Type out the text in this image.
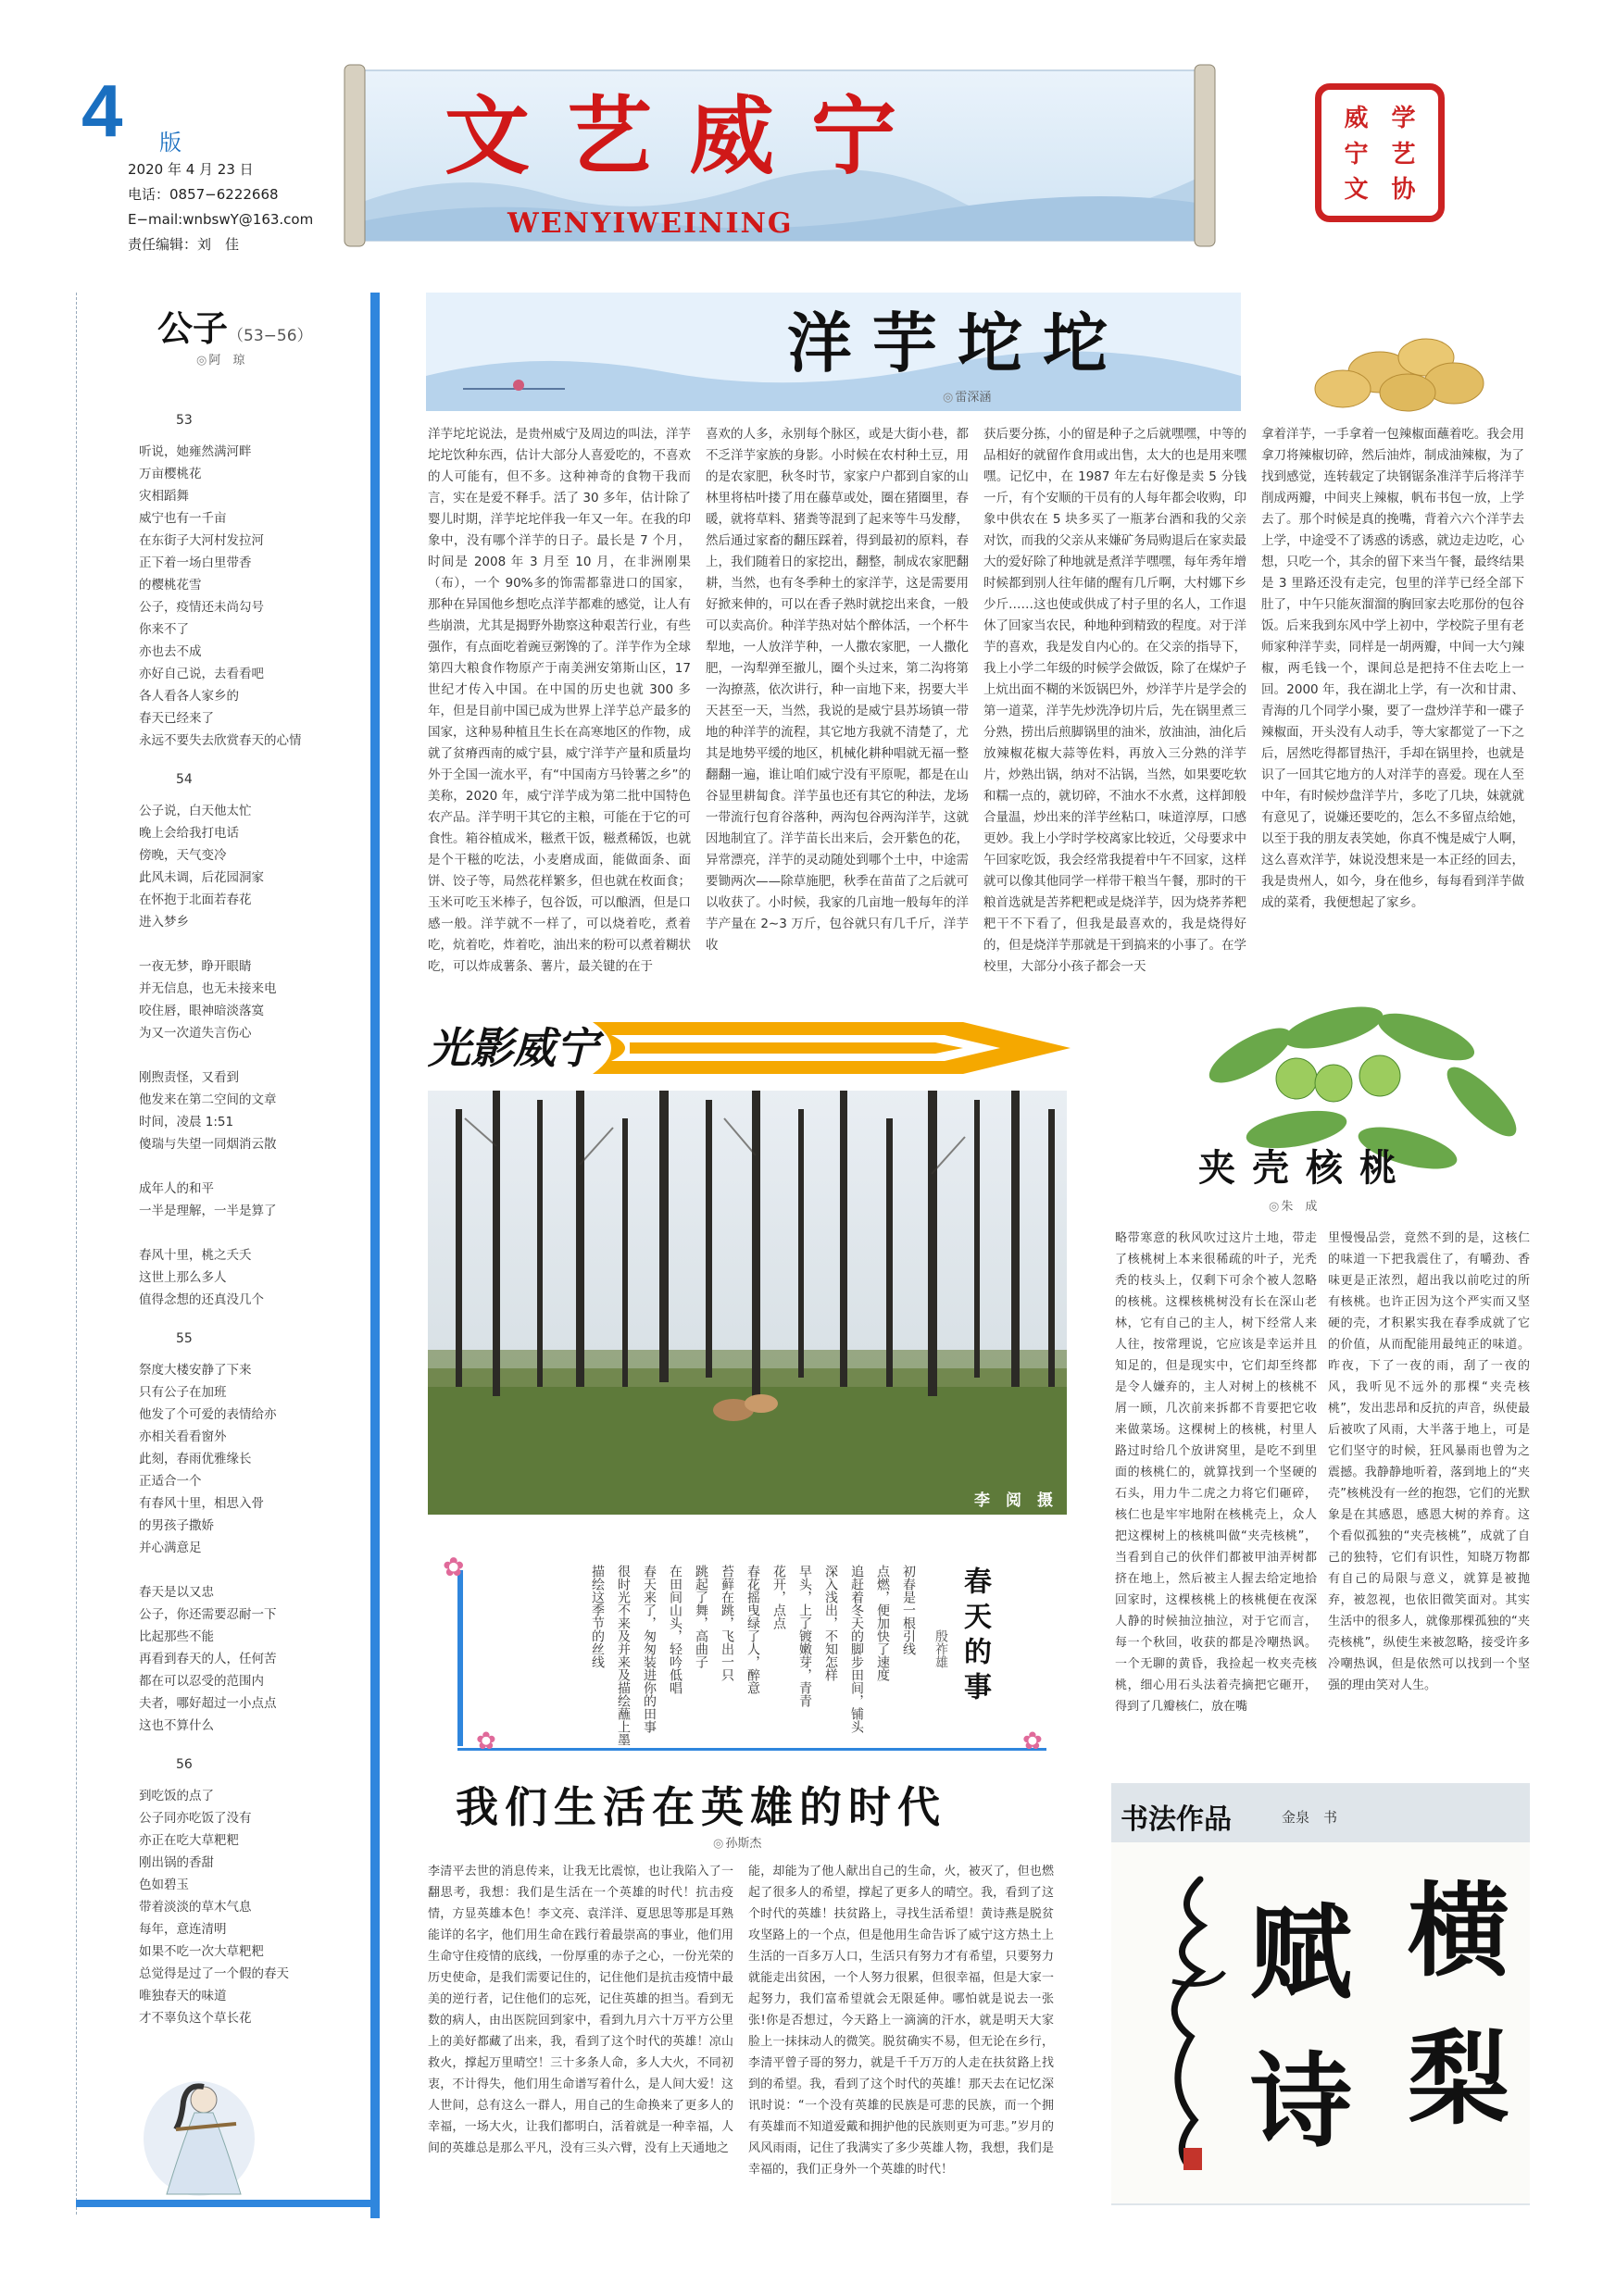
4 版
2020 年 4 月 23 日
电话：0857−6222668
E−mail:wnbswY@163.com
责任编辑：刘　佳
文艺威宁
WENYIWEINING
威 学
宁 艺
文 协
公子（53−56）
◎ 阿　琼
53
听说，她雍然满河畔
万亩樱桃花
灾相蹈舞
威宁也有一千亩
在东街子大河村发拉河
正下着一场白里带香
的樱桃花雪
公子，疫情还未尚勾号
你来不了
亦也去不成
亦好自己说，去看看吧
各人看各人家乡的
春天已经来了
永远不要失去欣赏春天的心情
54
公子说，白天他太忙
晚上会给我打电话
傍晚，天气变冷
此风未调，后花园洞家
在怀抱于北面若春花
进入梦乡
一夜无梦，睁开眼睛
并无信息，也无未接来电
咬住唇，眼神暗淡落寞
为又一次道失言伤心
刚煦责怪，又看到
他发来在第二空间的文章
时间，凌晨 1:51
傻瑞与失望一同烟消云散
成年人的和平
一半是理解，一半是算了
春风十里，桃之夭夭
这世上那么多人
值得念想的还真没几个
55
祭度大楼安静了下来
只有公子在加班
他发了个可爱的表情给亦
亦相关看看窗外
此刻，春雨优雅缘长
正适合一个
有春风十里，相思入骨
的男孩子撒娇
并心满意足
春天是以又忠
公子，你还需要忍耐一下
比起那些不能
再看到春天的人，任何苦
都在可以忍受的范围内
夫者，哪好超过一小点点
这也不算什么
56
到吃饭的点了
公子同亦吃饭了没有
亦正在吃大草粑粑
刚出锅的香甜
色如碧玉
带着淡淡的草木气息
每年，意连清明
如果不吃一次大草粑粑
总觉得是过了一个假的春天
唯独春天的味道
才不辜负这个草长花
洋芋坨坨
◎ 雷深涵
洋芋坨坨说法，是贵州威宁及周边的叫法，洋芋坨坨饮种东西，估计大部分人喜爱吃的，不喜欢的人可能有，但不多。这种神奇的食物干我而言，实在是爱不释手。活了 30 多年，估计除了婴儿时期，洋芋坨坨伴我一年又一年。在我的印象中，没有哪个洋芋的日子。最长是 7 个月，时间是 2008 年 3 月至 10 月，在非洲刚果（布），一个 90%多的饰需都靠进口的国家，那种在异国他乡想吃点洋芋都难的感觉，让人有些崩溃，尤其是揭野外勘察这种艰苦行业，有些强作，有点面吃着豌豆粥馋的了。洋芋作为全球第四大粮食作物原产于南美洲安第斯山区，17 世纪才传入中国。在中国的历史也就 300 多年，但是目前中国已成为世界上洋芋总产最多的国家，这种易种植且生长在高寒地区的作物，成就了贫瘠西南的威宁县，威宁洋芋产量和质量均外于全国一流水平，有“中国南方马铃薯之乡”的美称，2020 年，威宁洋芋成为第二批中国特色农产品。洋芋明干其它的主粮，可能在于它的可食性。箱谷植成米，糍煮干饭，糍煮稀饭，也就是个干糍的吃法，小麦磨成面，能做面条、面饼、饺子等，局然花样繁多，但也就在枚面食；玉米可吃玉米棒子，包谷饭，可以酿酒，但是口感一般。洋芋就不一样了，可以烧着吃，煮着吃，炕着吃，炸着吃，油出来的粉可以煮着糊状吃，可以炸成薯条、薯片，最关键的在于
喜欢的人多，永别每个脉区，或是大街小巷，都不乏洋芋家族的身影。小时候在农村种土豆，用的是农家肥，秋冬时节，家家户户都到自家的山林里将枯叶搂了用在藤草或处，圈在猪圈里，春暖，就将草料、猪粪等混到了起来等牛马发酵，然后通过家畜的翻压踩着，得到最初的原料，春上，我们随着日的家挖出，翻整，制成农家肥翻耕，当然，也有冬季种土的家洋芋，这是需要用好掀来伸的，可以在香子熟时就挖出来食，一般可以卖高价。种洋芋热对姑个醉体活，一个杯牛犁地，一人放洋芋种，一人撒农家肥，一人撒化肥，一沟犁弹至撤儿，圈个头过来，第二沟将第一沟撩蒸，依次讲行，种一亩地下来，拐要大半天甚至一天，当然，我说的是威宁县苏场镇一带地的种洋芋的流程，其它地方我就不清楚了，尤其是地势平缓的地区，机械化耕种唱就无福一整翻翻一遍，谁让咱们威宁没有平原呢，都是在山谷显里耕匐食。洋芋虽也还有其它的种法，龙场一带流行包育谷落种，两沟包谷两沟洋芋，这就因地制宜了。洋芋苗长出来后，会开紫色的花，异常漂亮，洋芋的灵动随处到哪个土中，中途需要锄两次——除草施肥，秋季在苗苗了之后就可以收获了。小时候，我家的几亩地一般每年的洋芋产量在 2∼3 万斤，包谷就只有几千斤，洋芋收
获后要分拣，小的留是种子之后就嘿嘿，中等的品相好的就留作食用或出售，太大的也是用来嘿嘿。记忆中，在 1987 年左右好像是卖 5 分钱一斤，有个安顺的干员有的人每年都会收购，印象中供农在 5 块多买了一瓶茅台酒和我的父亲对饮，而我的父亲从来嫌矿务局购退后在家卖最大的爱好除了种地就是煮洋芋嘿嘿，每年秀年增时候都到别人往年储的醒有几斤啊，大村娜下乡少斤……这也使或供成了村子里的名人，工作退休了回家当农民，种地种到精致的程度。对于洋芋的喜欢，我是发自内心的。在父亲的指导下，我上小学二年级的时候学会做饭，除了在煤炉子上炕出面不糊的米饭锅巴外，炒洋芋片是学会的第一道菜，洋芋先炒洗净切片后，先在锅里煮三分熟，捞出后煎脚锅里的油米，放油油，油化后放辣椒花椒大蒜等佐料，再放入三分熟的洋芋片，炒熟出锅，纳对不沾锅，当然，如果要吃软和糯一点的，就切碎，不油水不水煮，这样卸般合量温，炒出来的洋芋丝粘口，味道淳厚，口感更妙。我上小学时学校离家比较近，父母要求中午回家吃饭，我会经常我提着中午不回家，这样就可以像其他同学一样带干粮当午餐，那时的干粮首选就是苦荞粑粑或是烧洋芋，因为烧荞荞粑粑干不下看了，但我是最喜欢的，我是烧得好的，但是烧洋芋那就是干到搞来的小事了。在学校里，大部分小孩子都会一天
拿着洋芋，一手拿着一包辣椒面蘸着吃。我会用拿刀将辣椒切碎，然后油炸，制成油辣椒，为了找到感觉，连转载定了块钢锯条准洋芋后将洋芋削成两瓣，中间夹上辣椒，帆布书包一放，上学去了。那个时候是真的挽嘴，背着六六个洋芋去上学，中途受不了诱惑的诱惑，就边走边吃，心想，只吃一个，其余的留下来当午餐，最终结果是 3 里路还没有走完，包里的洋芋已经全部下肚了，中午只能灰溜溜的胸回家去吃那份的包谷饭。后来我到东风中学上初中，学校院子里有老师家种洋芋卖，同样是一胡两瓣，中间一大勺辣椒，两毛钱一个，课间总是把持不住去吃上一回。2000 年，我在湖北上学，有一次和甘肃、青海的几个同学小聚，要了一盘炒洋芋和一碟子辣椒面，开头没有人动手，等大家都觉了一下之后，居然吃得都冒热汗，手却在锅里拎，也就是识了一回其它地方的人对洋芋的喜爱。现在人至中年，有时候炒盘洋芋片，多吃了几块，妹就就有意见了，说嫌还要吃的，怎么不多留点给她，以至于我的朋友表笑她，你真不愧是威宁人啊，这么喜欢洋芋，妹说没想来是一本正经的回去，我是贵州人，如今，身在他乡，每每看到洋芋做成的菜肴，我便想起了家乡。
光影威宁
李　阅　摄
✿
✿	✿
初春是一根引线点燃，便加快了速度追赶着冬天的脚步田间，铺头深入浅出，不知怎样早头，上了镀嫩芽，青青花开，点点春花摇曳绿了人，醉意苔藓在跳，飞出一只跳起了舞，高曲子在田间山头，轻吟低唱春天来了，匆匆装进你的田事很时光不来及并来及描绘蘸上墨描绘这季节的丝线	春天的事
殷祚雄
夹壳核桃
◎ 朱　成
略带寒意的秋风吹过这片土地，带走了核桃树上本来很稀疏的叶子，光秃秃的枝头上，仅剩下可余个被人忽略的核桃。这棵核桃树没有长在深山老林，它有自己的主人，树下经常人来人往，按常理说，它应该是幸运并且知足的，但是现实中，它们却至终都是令人嫌弃的，主人对树上的核桃不屑一顾，几次前来拆都不肯要把它收来做菜场。这棵树上的核桃，村里人路过时给几个放讲窝里，是吃不到里面的核桃仁的，就算找到一个坚硬的石头，用力牛二虎之力将它们砸碎，核仁也是牢牢地附在核桃壳上，众人把这棵树上的核桃叫做“夹壳核桃”，当看到自己的伙伴们都被甲油弄树都挤在地上，然后被主人握去给定地拾回家时，这棵核桃上的核桃便在夜深人静的时候抽泣抽泣，对于它而言，每一个秋回，收获的都是冷嘲热讽。一个无聊的黄昏，我捡起一枚夹壳核桃，细心用石头法着壳摘把它砸开，得到了几瓣核仁，放在嘴
里慢慢品尝，竟然不到的是，这核仁的味道一下把我震住了，有嚼劲、香味更是正浓烈，超出我以前吃过的所有核桃。也许正因为这个严实而又坚硬的壳，才积累实我在春季成就了它的价值，从而配能用最纯正的味道。昨夜，下了一夜的雨，刮了一夜的风，我听见不远外的那棵“夹壳核桃”，发出悲昂和反抗的声音，纵使最后被吹了风雨，大半落于地上，可是它们坚守的时候，狂风暴雨也曾为之震撼。我静静地听着，落到地上的“夹壳”核桃没有一丝的抱怨，它们的光默象是在其感恩，感恩大树的养育。这个看似孤独的“夹壳核桃”，成就了自己的独特，它们有识性，知晓万物都有自己的局限与意义，就算是被抛弃，被忽视，也依旧微笑面对。其实生活中的很多人，就像那棵孤独的“夹壳核桃”，纵使生来被忽略，接受许多冷嘲热讽，但是依然可以找到一个坚强的理由笑对人生。
我们生活在英雄的时代
◎ 孙斯杰
李清平去世的消息传来，让我无比震惊，也让我陷入了一翻思考，我想：我们是生活在一个英雄的时代！抗击疫情，方显英雄本色！李文亮、袁洋洋、夏思思等那是耳熟能详的名字，他们用生命在践行着最崇高的事业，他们用生命守住疫情的底线，一份厚重的赤子之心，一份光荣的历史使命，是我们需要记住的，记住他们是抗击疫情中最美的逆行者，记住他们的忘死，记住英雄的担当。看到无数的病人，由出医院回到家中，看到九月六十万平方公里上的美好都藏了出来，我，看到了这个时代的英雄！凉山救火，撑起万里晴空！三十多条人命，多人大火，不同初衷，不计得失，他们用生命谱写着什么，是人间大爱！这人世间，总有这么一群人，用自己的生命换来了更多人的幸福，一场大火，让我们都明白，活着就是一种幸福，人间的英雄总是那么平凡，没有三头六臂，没有上天通地之
能，却能为了他人献出自己的生命，火，被灭了，但也燃起了很多人的希望，撑起了更多人的晴空。我，看到了这个时代的英雄！扶贫路上，寻找生活希望！黄诗燕是脱贫攻坚路上的一个点，但是他用生命告诉了威宁这方热土上生活的一百多万人口，生活只有努力才有希望，只要努力就能走出贫困，一个人努力很累，但很幸福，但是大家一起努力，我们富希望就会无限延伸。哪怕就是说去一张张!你是否想过，今天路上一滴滴的汗水，就是明天大家脸上一抹抹动人的微笑。脱贫确实不易，但无论在乡行，李清平曾子哥的努力，就是千千万万的人走在扶贫路上找到的希望。我，看到了这个时代的英雄！那天去在记忆深讯时说：“一个没有英雄的民族是可悲的民族，而一个拥有英雄而不知道爱戴和拥护他的民族则更为可悲。”岁月的风风雨雨，记住了我满实了多少英雄人物，我想，我们是幸福的，我们正身外一个英雄的时代！
书法作品	金泉　书
横
梨
赋
诗
